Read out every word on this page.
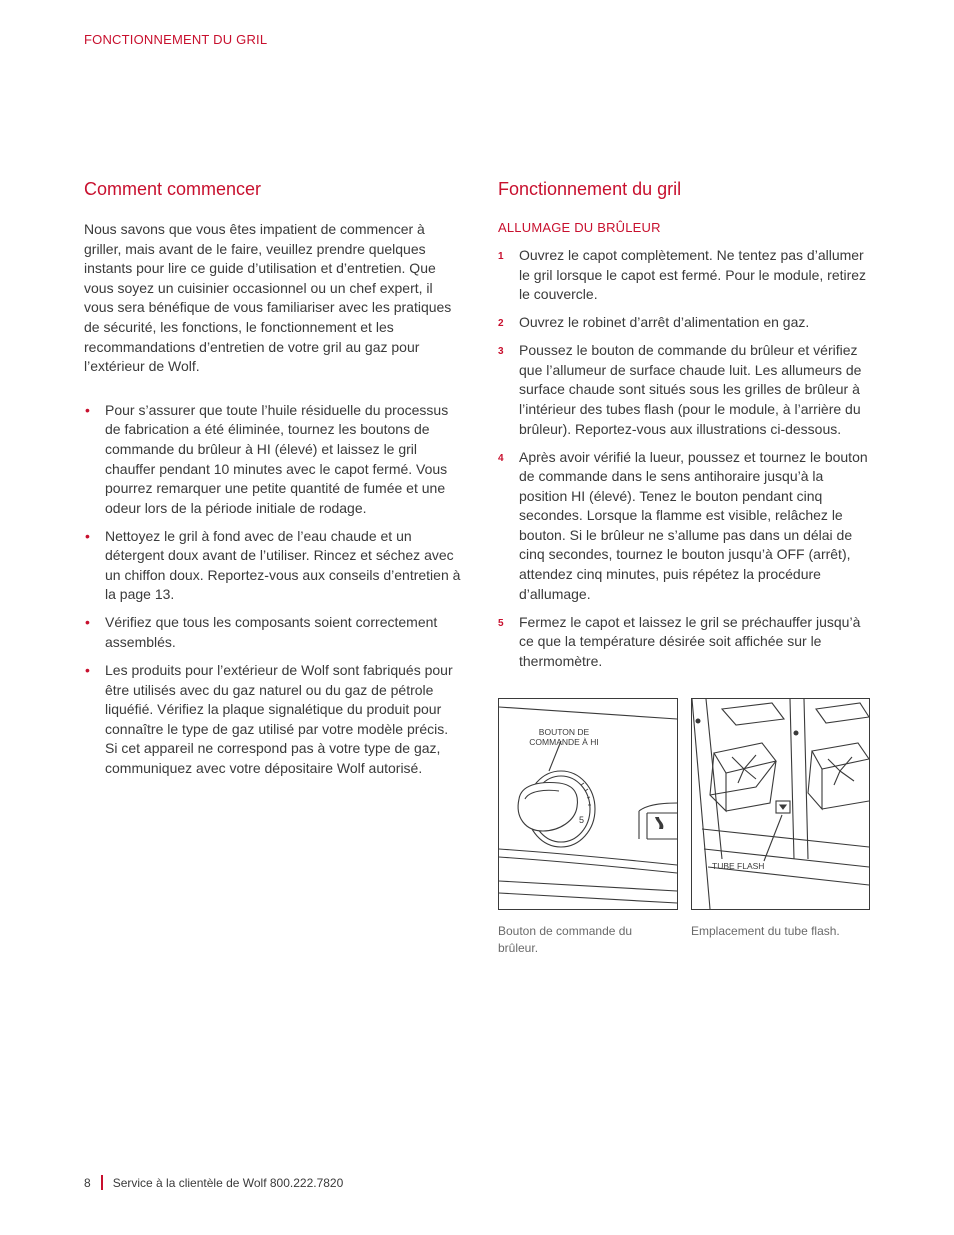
FONCTIONNEMENT DU GRIL
Comment commencer

Nous savons que vous êtes impatient de commencer à griller, mais avant de le faire, veuillez prendre quelques instants pour lire ce guide d’utilisation et d’entretien. Que vous soyez un cuisinier occasionnel ou un chef expert, il vous sera bénéfique de vous familiariser avec les pratiques de sécurité, les fonctions, le fonctionnement et les recommandations d’entretien de votre gril au gaz pour l’extérieur de Wolf.

• Pour s’assurer que toute l’huile résiduelle du processus de fabrication a été éliminée, tournez les boutons de commande du brûleur à HI (élevé) et laissez le gril chauffer pendant 10 minutes avec le capot fermé. Vous pourrez remarquer une petite quantité de fumée et une odeur lors de la période initiale de rodage.
• Nettoyez le gril à fond avec de l’eau chaude et un détergent doux avant de l’utiliser. Rincez et séchez avec un chiffon doux. Reportez-vous aux conseils d’entretien à la page 13.
• Vérifiez que tous les composants soient correctement assemblés.
• Les produits pour l’extérieur de Wolf sont fabriqués pour être utilisés avec du gaz naturel ou du gaz de pétrole liquéfié. Vérifiez la plaque signalétique du produit pour connaître le type de gaz utilisé par votre modèle précis. Si cet appareil ne correspond pas à votre type de gaz, communiquez avec votre dépositaire Wolf autorisé.
Fonctionnement du gril
ALLUMAGE DU BRÛLEUR
1 Ouvrez le capot complètement. Ne tentez pas d’allumer le gril lorsque le capot est fermé. Pour le module, retirez le couvercle.
2 Ouvrez le robinet d’arrêt d’alimentation en gaz.
3 Poussez le bouton de commande du brûleur et vérifiez que l’allumeur de surface chaude luit. Les allumeurs de surface chaude sont situés sous les grilles de brûleur à l’intérieur des tubes flash (pour le module, à l’arrière du brûleur). Reportez-vous aux illustrations ci-dessous.
4 Après avoir vérifié la lueur, poussez et tournez le bouton de commande dans le sens antihoraire jusqu’à la position HI (élevé). Tenez le bouton pendant cinq secondes. Lorsque la flamme est visible, relâchez le bouton. Si le brûleur ne s’allume pas dans un délai de cinq secondes, tournez le bouton jusqu’à OFF (arrêt), attendez cinq minutes, puis répétez la procédure d’allumage.
5 Fermez le capot et laissez le gril se préchauffer jusqu’à ce que la température désirée soit affichée sur le thermomètre.
5
BOUTON DE
COMMANDE À HI
TUBE FLASH
Bouton de commande du brûleur.
Emplacement du tube flash.
8 Service à la clientèle de Wolf 800.222.7820
